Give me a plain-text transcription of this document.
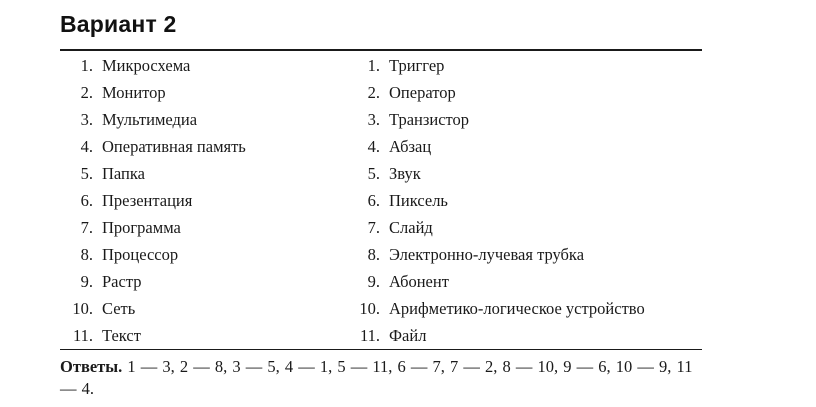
Вариант 2
1. Микросхема
2. Монитор
3. Мультимедиа
4. Оперативная память
5. Папка
6. Презентация
7. Программа
8. Процессор
9. Растр
10. Сеть
11. Текст
1. Триггер
2. Оператор
3. Транзистор
4. Абзац
5. Звук
6. Пиксель
7. Слайд
8. Электронно-лучевая трубка
9. Абонент
10. Арифметико-логическое устройство
11. Файл
Ответы. 1 — 3, 2 — 8, 3 — 5, 4 — 1, 5 — 11, 6 — 7, 7 — 2, 8 — 10, 9 — 6, 10 — 9, 11 — 4.
